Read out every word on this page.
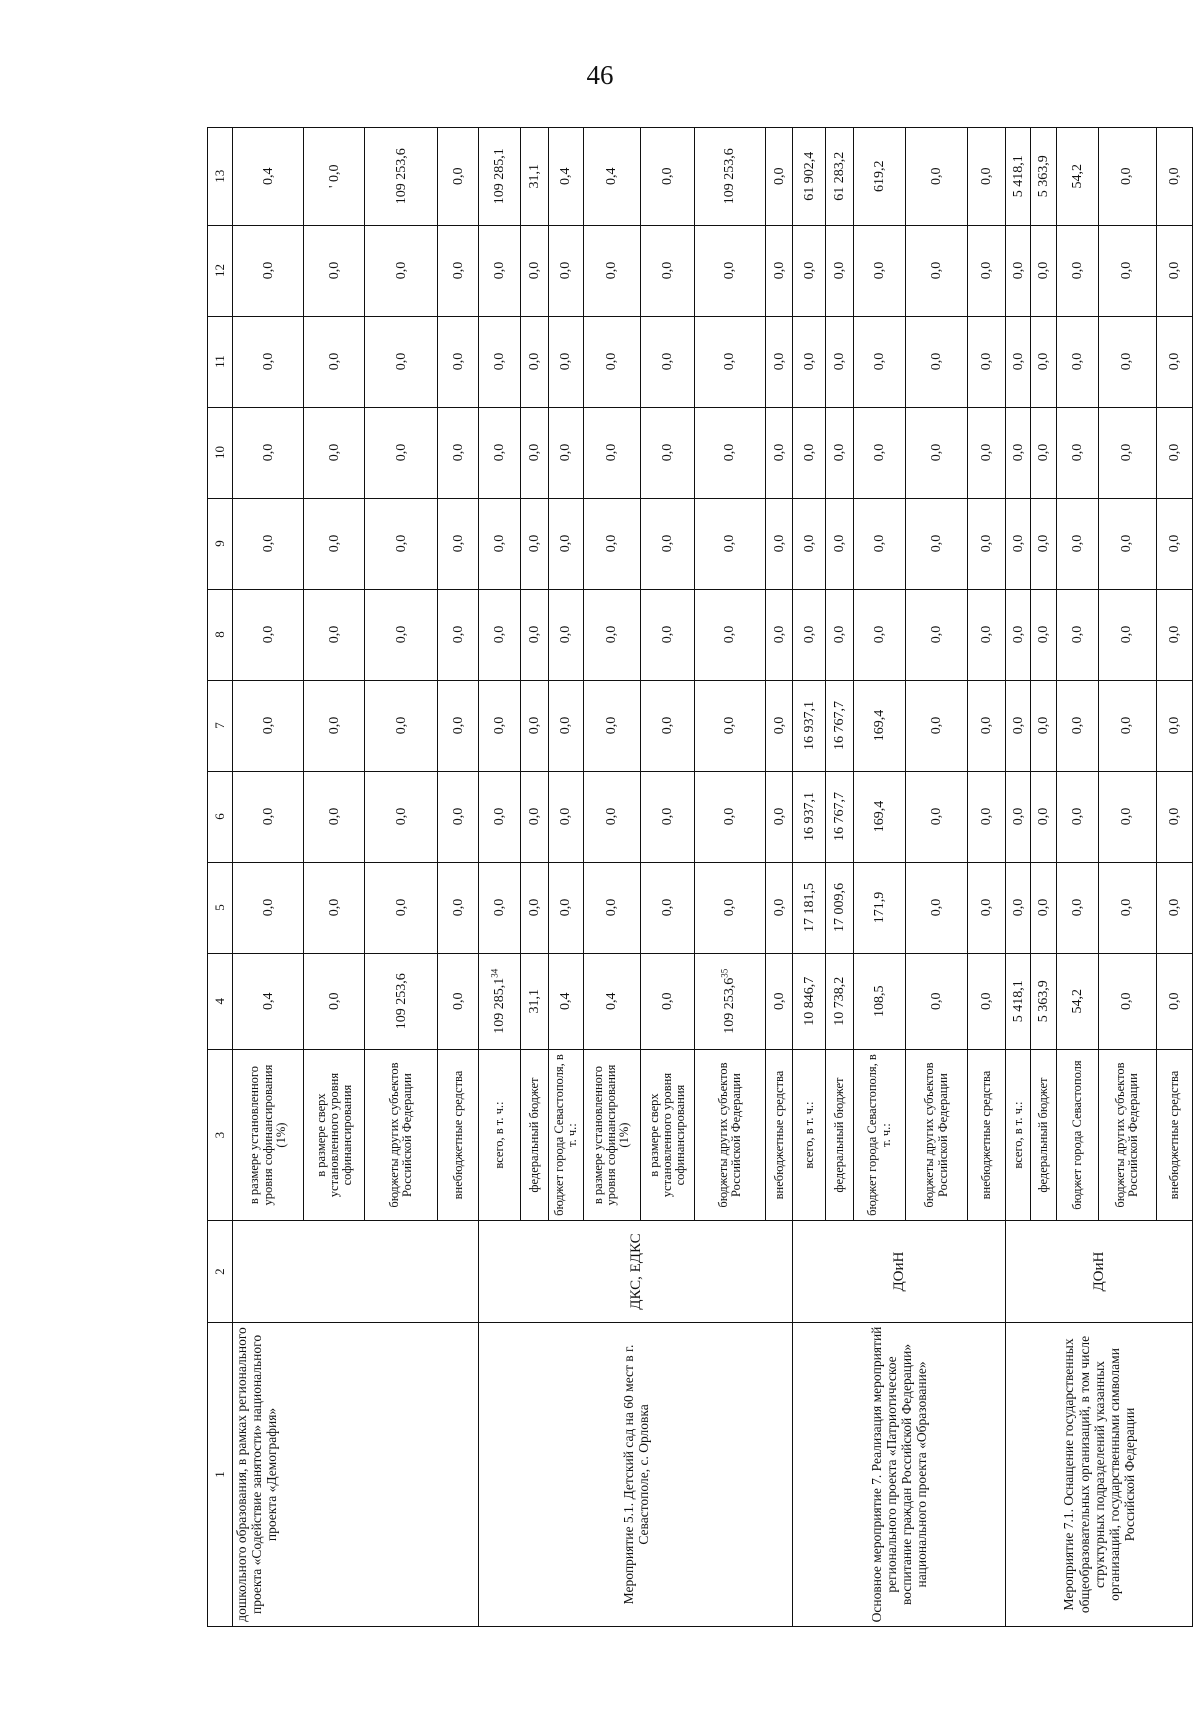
46
1	2	3	4	5	6	7	8	9	10	11	12	13
дошкольного образования, в рамках регионального проекта «Содействие занятости» национального проекта «Демография»		в размере установленного уровня софинансирования (1%)	0,4	0,0	0,0	0,0	0,0	0,0	0,0	0,0	0,0	0,4
		в размере сверх установленного уровня софинансирования	0,0	0,0	0,0	0,0	0,0	0,0	0,0	0,0	0,0	' 0,0
		бюджеты других субъектов Российской Федерации	109 253,6	0,0	0,0	0,0	0,0	0,0	0,0	0,0	0,0	109 253,6
		внебюджетные средства	0,0	0,0	0,0	0,0	0,0	0,0	0,0	0,0	0,0	0,0
Мероприятие 5.1. Детский сад на 60 мест в г. Севастополе, с. Орловка	ДКС, ЕДКС	всего, в т. ч.:	109 285,1$^{34}$	0,0	0,0	0,0	0,0	0,0	0,0	0,0	0,0	109 285,1
		федеральный бюджет	31,1	0,0	0,0	0,0	0,0	0,0	0,0	0,0	0,0	31,1
		бюджет города Севастополя, в т. ч.:	0,4	0,0	0,0	0,0	0,0	0,0	0,0	0,0	0,0	0,4
		в размере установленного уровня софинансирования (1%)	0,4	0,0	0,0	0,0	0,0	0,0	0,0	0,0	0,0	0,4
		в размере сверх установленного уровня софинансирования	0,0	0,0	0,0	0,0	0,0	0,0	0,0	0,0	0,0	0,0
		бюджеты других субъектов Российской Федерации	109 253,6$^{35}$	0,0	0,0	0,0	0,0	0,0	0,0	0,0	0,0	109 253,6
		внебюджетные средства	0,0	0,0	0,0	0,0	0,0	0,0	0,0	0,0	0,0	0,0
Основное мероприятие 7. Реализация мероприятий регионального проекта «Патриотическое воспитание граждан Российской Федерации» национального проекта «Образование»	ДОиН	всего, в т. ч.:	10 846,7	17 181,5	16 937,1	16 937,1	0,0	0,0	0,0	0,0	0,0	61 902,4
		федеральный бюджет	10 738,2	17 009,6	16 767,7	16 767,7	0,0	0,0	0,0	0,0	0,0	61 283,2
		бюджет города Севастополя, в т. ч.:	108,5	171,9	169,4	169,4	0,0	0,0	0,0	0,0	0,0	619,2
		бюджеты других субъектов Российской Федерации	0,0	0,0	0,0	0,0	0,0	0,0	0,0	0,0	0,0	0,0
		внебюджетные средства	0,0	0,0	0,0	0,0	0,0	0,0	0,0	0,0	0,0	0,0
Мероприятие 7.1. Оснащение государственных общеобразовательных организаций, в том числе структурных подразделений указанных организаций, государственными символами Российской Федерации	ДОиН	всего, в т. ч.:	5 418,1	0,0	0,0	0,0	0,0	0,0	0,0	0,0	0,0	5 418,1
		федеральный бюджет	5 363,9	0,0	0,0	0,0	0,0	0,0	0,0	0,0	0,0	5 363,9
		бюджет города Севастополя	54,2	0,0	0,0	0,0	0,0	0,0	0,0	0,0	0,0	54,2
		бюджеты других субъектов Российской Федерации	0,0	0,0	0,0	0,0	0,0	0,0	0,0	0,0	0,0	0,0
		внебюджетные средства	0,0	0,0	0,0	0,0	0,0	0,0	0,0	0,0	0,0	0,0
